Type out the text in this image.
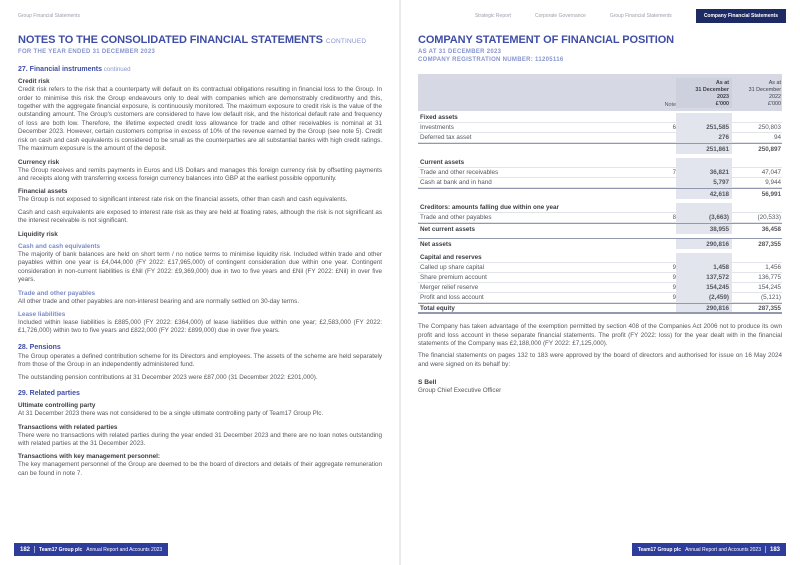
Group Financial Statements	Strategic Report	Corporate Governance	Group Financial Statements	Company Financial Statements
NOTES TO THE CONSOLIDATED FINANCIAL STATEMENTS CONTINUED
FOR THE YEAR ENDED 31 DECEMBER 2023
27. Financial instruments continued
Credit risk

Credit risk refers to the risk that a counterparty will default on its contractual obligations resulting in financial loss to the Group. In order to minimise this risk the Group endeavours only to deal with companies which are demonstrably creditworthy and this, together with the aggregate financial exposure, is continuously monitored. The maximum exposure to credit risk is the value of the outstanding amount. The Group's customers are considered to have low default risk, and the historical default rate and frequency of loss are both low. Therefore, the lifetime expected credit loss allowance for trade and other receivables is nominal at 31 December 2023. However, certain customers comprise in excess of 10% of the revenue earned by the Group (see note 5). Credit risk on cash and cash equivalents is considered to be small as the counterparties are all substantial banks with high credit ratings. The maximum exposure is the amount of the deposit.

Currency risk

The Group receives and remits payments in Euros and US Dollars and manages this foreign currency risk by offsetting payments and receipts along with transferring excess foreign currency balances into GBP at the earliest possible opportunity.

Financial assets

The Group is not exposed to significant interest rate risk on the financial assets, other than cash and cash equivalents.

Cash and cash equivalents are exposed to interest rate risk as they are held at floating rates, although the risk is not significant as the interest receivable is not significant.

Liquidity risk
Cash and cash equivalents

The majority of bank balances are held on short term / no notice terms to minimise liquidity risk. Included within trade and other payables within one year is £4,044,000 (FY 2022: £17,965,000) of contingent consideration due within one year. Contingent consideration in non-current liabilities is £Nil (FY 2022: £9,369,000) due in two to five years and £Nil (FY 2022: £Nil) in over five years.

Trade and other payables

All other trade and other payables are non-interest bearing and are normally settled on 30-day terms.

Lease liabilities

Included within lease liabilities is £885,000 (FY 2022: £364,000) of lease liabilities due within one year; £2,583,000 (FY 2022: £1,726,000) within two to five years and £822,000 (FY 2022: £899,000) due in over five years.

28. Pensions

The Group operates a defined contribution scheme for its Directors and employees. The assets of the scheme are held separately from those of the Group in an independently administered fund.

The outstanding pension contributions at 31 December 2023 were £87,000 (31 December 2022: £201,000).

29. Related parties
Ultimate controlling party

At 31 December 2023 there was not considered to be a single ultimate controlling party of Team17 Group Plc.

Transactions with related parties

There were no transactions with related parties during the year ended 31 December 2023 and there are no loan notes outstanding with related parties at the 31 December 2023.

Transactions with key management personnel:

The key management personnel of the Group are deemed to be the board of directors and details of their aggregate remuneration can be found in note 7.

182 Team17 Group plc Annual Report and Accounts 2023
COMPANY STATEMENT OF FINANCIAL POSITION
AS AT 31 DECEMBER 2023
COMPANY REGISTRATION NUMBER: 11205116
Note
As at
31 December
2023
£'000
As at
31 December
2022
£'000
Fixed assets
Investments	6	251,585	250,803
Deferred tax asset	276	94
251,861	250,897
Current assets
Trade and other receivables	7	36,821	47,047
Cash at bank and in hand	5,797	9,944
42,618	56,991
Creditors: amounts falling due within one year
Trade and other payables	8	(3,663)	(20,533)
Net current assets	38,955	36,458
Net assets	290,816	287,355
Capital and reserves
Called up share capital	9	1,458	1,456
Share premium account	9	137,572	136,775
Merger relief reserve	9	154,245	154,245
Profit and loss account	9	(2,459)	(5,121)
Total equity	290,816	287,355

The Company has taken advantage of the exemption permitted by section 408 of the Companies Act 2006 not to produce its own profit and loss account in these separate financial statements. The profit (FY 2022: loss) for the year dealt with in the financial statements of the Company was £2,188,000 (FY 2022: £7,125,000).

The financial statements on pages 132 to 183 were approved by the board of directors and authorised for issue on 16 May 2024 and were signed on its behalf by:

S Bell
Group Chief Executive Officer
Team17 Group plc Annual Report and Accounts 2023 183
